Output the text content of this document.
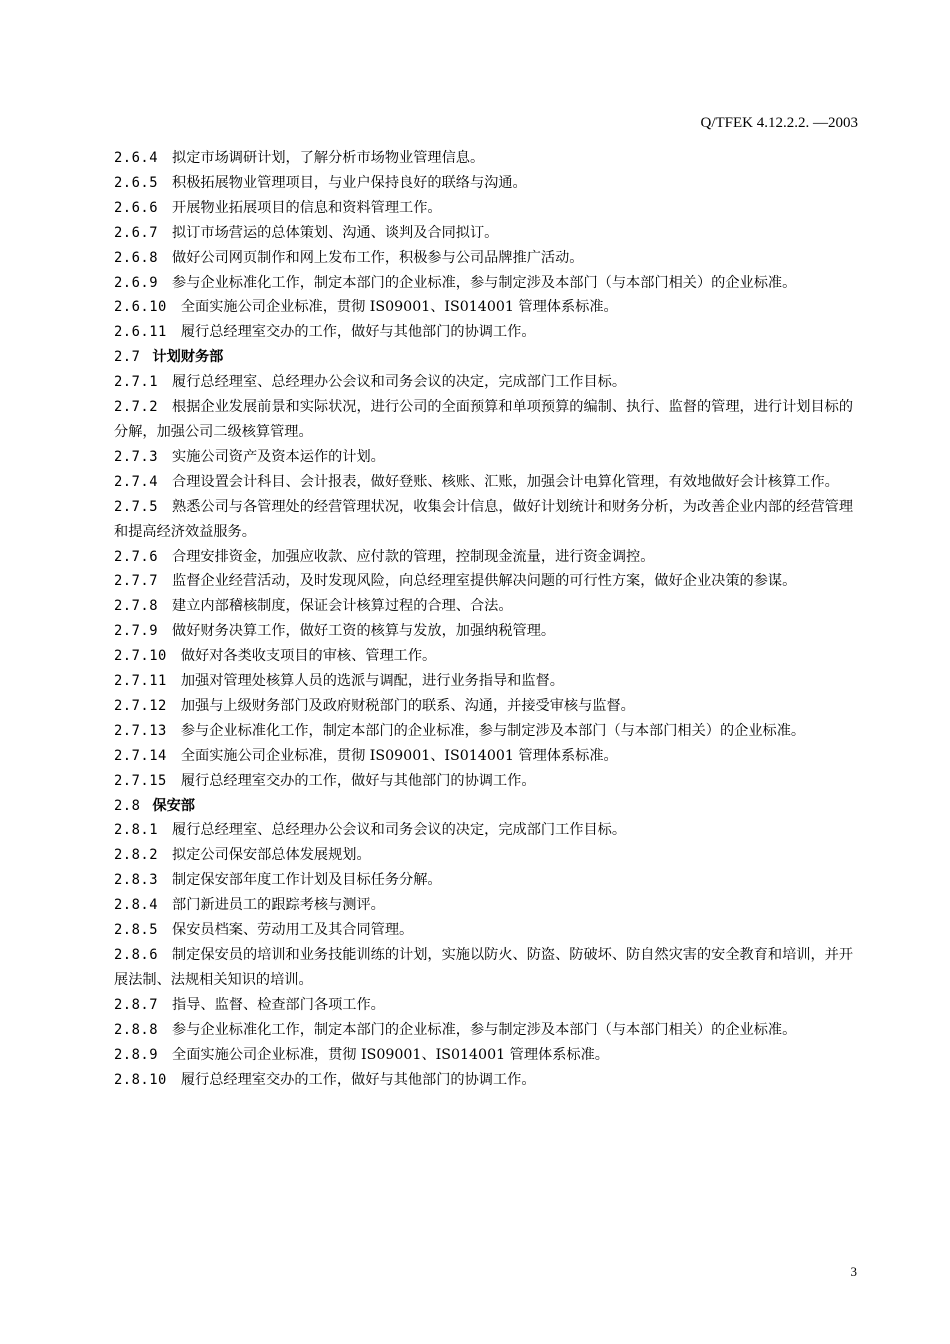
Q/TFEK 4.12.2.2. —2003

2.6.4 拟定市场调研计划，了解分析市场物业管理信息。

2.6.5 积极拓展物业管理项目，与业户保持良好的联络与沟通。

2.6.6 开展物业拓展项目的信息和资料管理工作。

2.6.7 拟订市场营运的总体策划、沟通、谈判及合同拟订。

2.6.8 做好公司网页制作和网上发布工作，积极参与公司品牌推广活动。

2.6.9 参与企业标准化工作，制定本部门的企业标准，参与制定涉及本部门（与本部门相关）的企业标准。

2.6.10 全面实施公司企业标准，贯彻 IS09001、IS014001 管理体系标准。

2.6.11 履行总经理室交办的工作，做好与其他部门的协调工作。

2.7 计划财务部

2.7.1 履行总经理室、总经理办公会议和司务会议的决定，完成部门工作目标。

2.7.2 根据企业发展前景和实际状况，进行公司的全面预算和单项预算的编制、执行、监督的管理，进行计划目标的分解，加强公司二级核算管理。

2.7.3 实施公司资产及资本运作的计划。

2.7.4 合理设置会计科目、会计报表，做好登账、核账、汇账，加强会计电算化管理，有效地做好会计核算工作。

2.7.5 熟悉公司与各管理处的经营管理状况，收集会计信息，做好计划统计和财务分析，为改善企业内部的经营管理和提高经济效益服务。

2.7.6 合理安排资金，加强应收款、应付款的管理，控制现金流量，进行资金调控。

2.7.7 监督企业经营活动，及时发现风险，向总经理室提供解决问题的可行性方案，做好企业决策的参谋。

2.7.8 建立内部稽核制度，保证会计核算过程的合理、合法。

2.7.9 做好财务决算工作，做好工资的核算与发放，加强纳税管理。

2.7.10 做好对各类收支项目的审核、管理工作。

2.7.11 加强对管理处核算人员的选派与调配，进行业务指导和监督。

2.7.12 加强与上级财务部门及政府财税部门的联系、沟通，并接受审核与监督。

2.7.13 参与企业标准化工作，制定本部门的企业标准，参与制定涉及本部门（与本部门相关）的企业标准。

2.7.14 全面实施公司企业标准，贯彻 IS09001、IS014001 管理体系标准。

2.7.15 履行总经理室交办的工作，做好与其他部门的协调工作。

2.8 保安部

2.8.1 履行总经理室、总经理办公会议和司务会议的决定，完成部门工作目标。

2.8.2 拟定公司保安部总体发展规划。

2.8.3 制定保安部年度工作计划及目标任务分解。

2.8.4 部门新进员工的跟踪考核与测评。

2.8.5 保安员档案、劳动用工及其合同管理。

2.8.6 制定保安员的培训和业务技能训练的计划，实施以防火、防盗、防破坏、防自然灾害的安全教育和培训，并开展法制、法规相关知识的培训。

2.8.7 指导、监督、检查部门各项工作。

2.8.8 参与企业标准化工作，制定本部门的企业标准，参与制定涉及本部门（与本部门相关）的企业标准。

2.8.9 全面实施公司企业标准，贯彻 IS09001、IS014001 管理体系标准。

2.8.10 履行总经理室交办的工作，做好与其他部门的协调工作。

3
